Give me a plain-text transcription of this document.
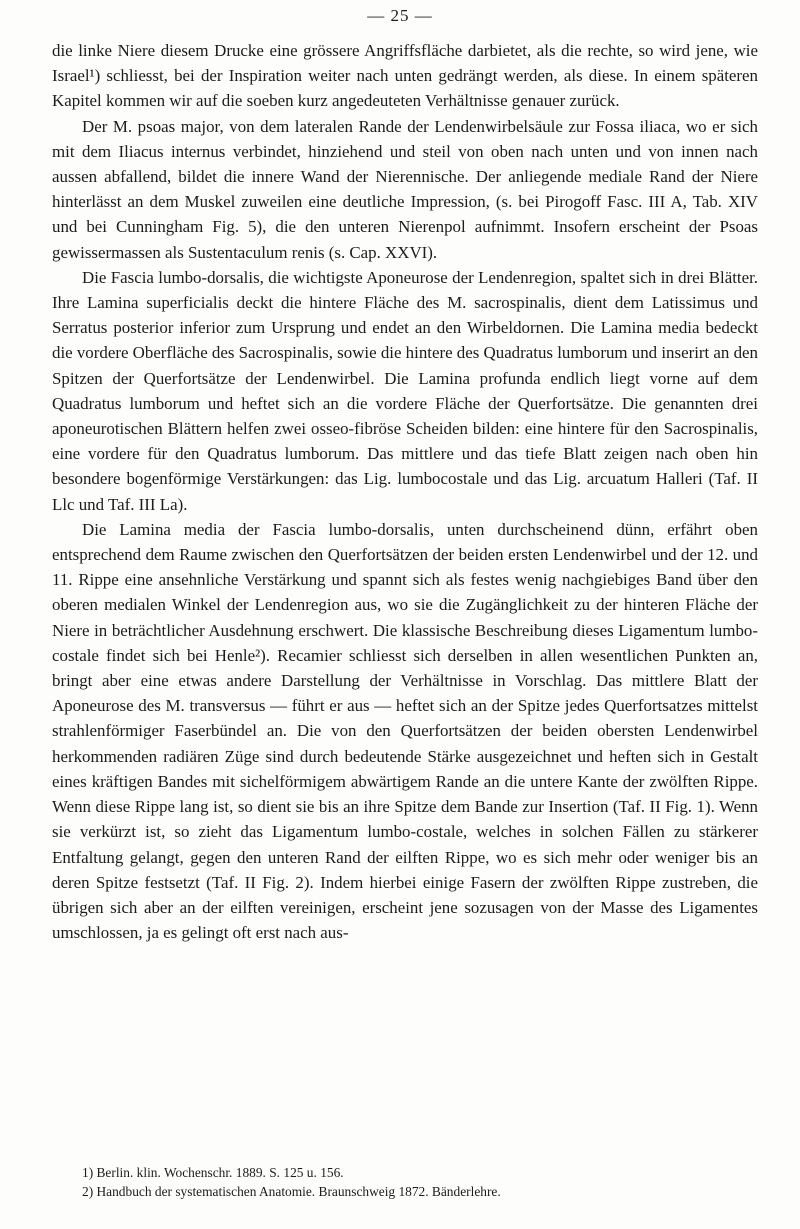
— 25 —

die linke Niere diesem Drucke eine grössere Angriffsfläche darbietet, als die rechte, so wird jene, wie Israel¹) schliesst, bei der Inspiration weiter nach unten gedrängt werden, als diese. In einem späteren Kapitel kommen wir auf die soeben kurz angedeuteten Verhältnisse genauer zurück.

Der M. psoas major, von dem lateralen Rande der Lendenwirbelsäule zur Fossa iliaca, wo er sich mit dem Iliacus internus verbindet, hinziehend und steil von oben nach unten und von innen nach aussen abfallend, bildet die innere Wand der Nierennische. Der anliegende mediale Rand der Niere hinterlässt an dem Muskel zuweilen eine deutliche Impression, (s. bei Pirogoff Fasc. III A, Tab. XIV und bei Cunningham Fig. 5), die den unteren Nierenpol aufnimmt. Insofern erscheint der Psoas gewissermassen als Sustentaculum renis (s. Cap. XXVI).

Die Fascia lumbo-dorsalis, die wichtigste Aponeurose der Lendenregion, spaltet sich in drei Blätter. Ihre Lamina superficialis deckt die hintere Fläche des M. sacrospinalis, dient dem Latissimus und Serratus posterior inferior zum Ursprung und endet an den Wirbeldornen. Die Lamina media bedeckt die vordere Oberfläche des Sacrospinalis, sowie die hintere des Quadratus lumborum und inserirt an den Spitzen der Querfortsätze der Lendenwirbel. Die Lamina profunda endlich liegt vorne auf dem Quadratus lumborum und heftet sich an die vordere Fläche der Querfortsätze. Die genannten drei aponeurotischen Blättern helfen zwei osseo-fibröse Scheiden bilden: eine hintere für den Sacrospinalis, eine vordere für den Quadratus lumborum. Das mittlere und das tiefe Blatt zeigen nach oben hin besondere bogenförmige Verstärkungen: das Lig. lumbocostale und das Lig. arcuatum Halleri (Taf. II Llc und Taf. III La).

Die Lamina media der Fascia lumbo-dorsalis, unten durchscheinend dünn, erfährt oben entsprechend dem Raume zwischen den Querfortsätzen der beiden ersten Lendenwirbel und der 12. und 11. Rippe eine ansehnliche Verstärkung und spannt sich als festes wenig nachgiebiges Band über den oberen medialen Winkel der Lendenregion aus, wo sie die Zugänglichkeit zu der hinteren Fläche der Niere in beträchtlicher Ausdehnung erschwert. Die klassische Beschreibung dieses Ligamentum lumbo-costale findet sich bei Henle²). Recamier schliesst sich derselben in allen wesentlichen Punkten an, bringt aber eine etwas andere Darstellung der Verhältnisse in Vorschlag. Das mittlere Blatt der Aponeurose des M. transversus — führt er aus — heftet sich an der Spitze jedes Querfortsatzes mittelst strahlenförmiger Faserbündel an. Die von den Querfortsätzen der beiden obersten Lendenwirbel herkommenden radiären Züge sind durch bedeutende Stärke ausgezeichnet und heften sich in Gestalt eines kräftigen Bandes mit sichelförmigem abwärtigem Rande an die untere Kante der zwölften Rippe. Wenn diese Rippe lang ist, so dient sie bis an ihre Spitze dem Bande zur Insertion (Taf. II Fig. 1). Wenn sie verkürzt ist, so zieht das Ligamentum lumbo-costale, welches in solchen Fällen zu stärkerer Entfaltung gelangt, gegen den unteren Rand der eilften Rippe, wo es sich mehr oder weniger bis an deren Spitze festsetzt (Taf. II Fig. 2). Indem hierbei einige Fasern der zwölften Rippe zustreben, die übrigen sich aber an der eilften vereinigen, erscheint jene sozusagen von der Masse des Ligamentes umschlossen, ja es gelingt oft erst nach aus-

1) Berlin. klin. Wochenschr. 1889. S. 125 u. 156.
2) Handbuch der systematischen Anatomie. Braunschweig 1872. Bänderlehre.
